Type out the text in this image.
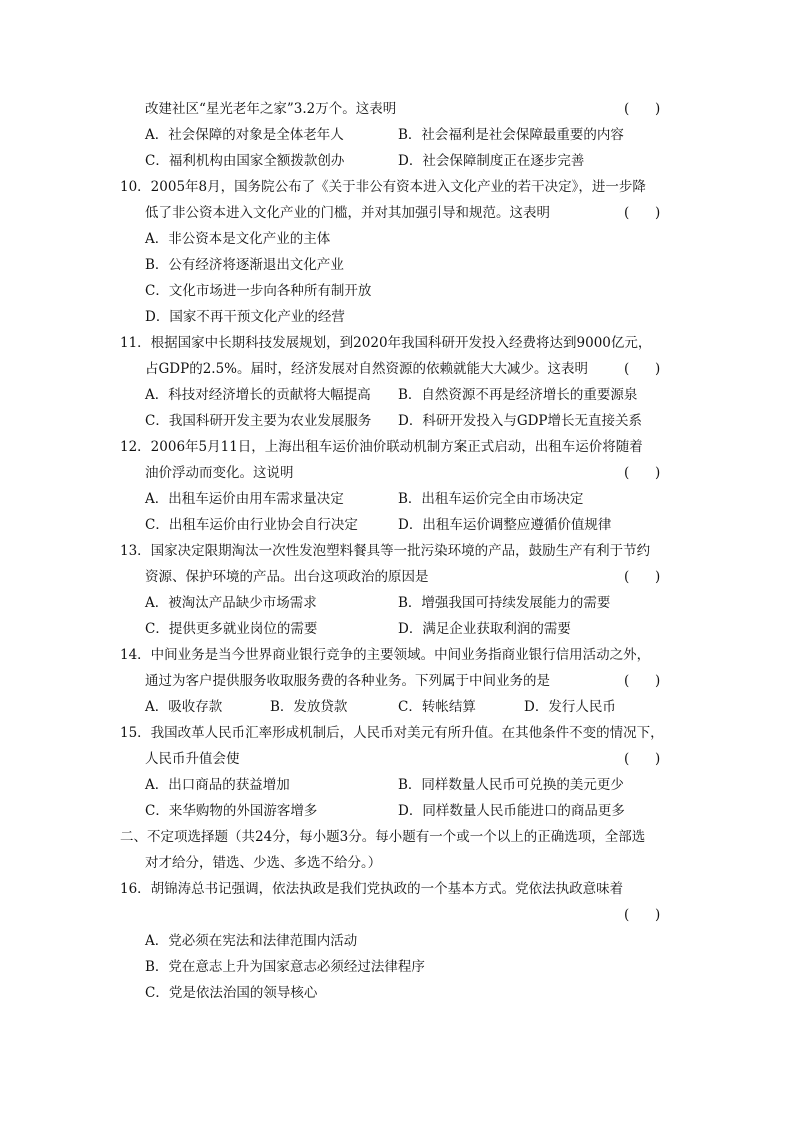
改建社区“星光老年之家”3.2万个。这表明	(      )
A．社会保障的对象是全体老年人	B．社会福利是社会保障最重要的内容
C．福利机构由国家全额拨款创办	D．社会保障制度正在逐步完善
10．2005年8月，国务院公布了《关于非公有资本进入文化产业的若干决定》，进一步降
低了非公资本进入文化产业的门槛，并对其加强引导和规范。这表明	(      )
A．非公资本是文化产业的主体
B．公有经济将逐渐退出文化产业
C．文化市场进一步向各种所有制开放
D．国家不再干预文化产业的经营
11．根据国家中长期科技发展规划，到2020年我国科研开发投入经费将达到9000亿元，
占GDP的2.5%。届时，经济发展对自然资源的依赖就能大大减少。这表明	(      )
A．科技对经济增长的贡献将大幅提高 B．自然资源不再是经济增长的重要源泉
C．我国科研开发主要为农业发展服务 D．科研开发投入与GDP增长无直接关系
12．2006年5月11日，上海出租车运价油价联动机制方案正式启动，出租车运价将随着
油价浮动而变化。这说明	(      )
A．出租车运价由用车需求量决定	B．出租车运价完全由市场决定
C．出租车运价由行业协会自行决定	D．出租车运价调整应遵循价值规律
13．国家决定限期淘汰一次性发泡塑料餐具等一批污染环境的产品，鼓励生产有利于节约
资源、保护环境的产品。出台这项政治的原因是	(      )
A．被淘汰产品缺少市场需求	B．增强我国可持续发展能力的需要
C．提供更多就业岗位的需要	D．满足企业获取利润的需要
14．中间业务是当今世界商业银行竞争的主要领域。中间业务指商业银行信用活动之外，
通过为客户提供服务收取服务费的各种业务。下列属于中间业务的是	(      )
A．吸收存款	B．发放贷款	C．转帐结算	D．发行人民币
15．我国改革人民币汇率形成机制后，人民币对美元有所升值。在其他条件不变的情况下，
人民币升值会使	(      )
A．出口商品的获益增加	B．同样数量人民币可兑换的美元更少
C．来华购物的外国游客增多	D．同样数量人民币能进口的商品更多
二、不定项选择题（共24分，每小题3分。每小题有一个或一个以上的正确选项，全部选
对才给分，错选、少选、多选不给分。）
16．胡锦涛总书记强调，依法执政是我们党执政的一个基本方式。党依法执政意味着
(      )
A．党必须在宪法和法律范围内活动
B．党在意志上升为国家意志必须经过法律程序
C．党是依法治国的领导核心
